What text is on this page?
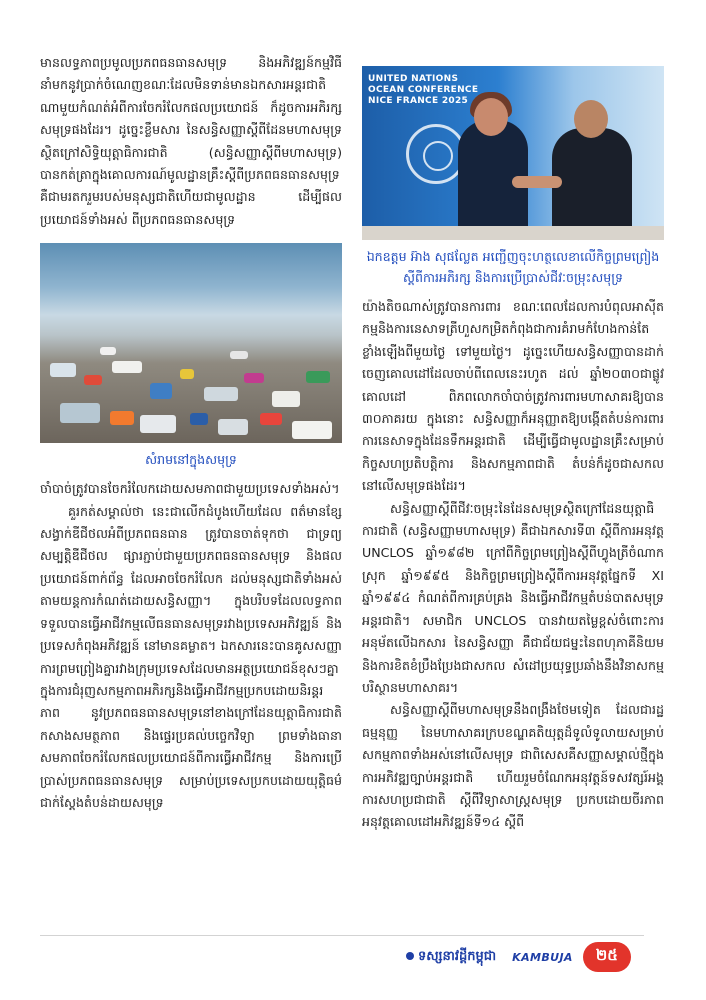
មានលទ្ធភាពប្រមូលប្រភពធនធានសមុទ្រ និងអភិវឌ្ឍន៍កម្មវិធីនាំមកនូវប្រាក់ចំណេញខណៈដែលមិនទាន់មានឯកសារអន្តរជាតិណាមួយកំណត់អំពីការចែករំលែកផលប្រយោជន៍ ក៏ដូចការអភិរក្សសមុទ្រផងដែរ។ ដូច្នេះខ្លឹមសារ នៃសន្ធិសញ្ញាស្តីពីដែនមហាសមុទ្រស្ថិតក្រៅសិទ្ធិយុត្តាធិការជាតិ (សន្ធិសញ្ញាស្តីពីមហាសមុទ្រ) បានកត់ត្រាក្នុងគោលការណ៍មូលដ្ឋានគ្រឹះស្តីពីប្រភពធនធានសមុទ្រ គឺជាមរតករួមរបស់មនុស្សជាតិហើយជាមូលដ្ឋាន ដើម្បីផលប្រយោជន៍ទាំងអស់ ពីប្រភពធនធានសមុទ្រ

សំរាមនៅក្នុងសមុទ្រ

ចាំបាច់ត្រូវបានចែករំលែកដោយសមភាពជាមួយប្រទេសទាំងអស់។

គួរកត់សម្គាល់ថា នេះជាលើកដំបូងហើយដែល ពត៌មានខ្សែសង្វាក់ឌីជីថលអំពីប្រភពធនធាន ត្រូវបានចាត់ទុកថា ជាទ្រព្យសម្បត្តិឌីជីថល ផ្សារភ្ជាប់ជាមួយប្រភពធនធានសមុទ្រ និងផលប្រយោជន៍ពាក់ព័ន្ធ ដែលអាចចែករំលែក ដល់មនុស្សជាតិទាំងអស់តាមយន្តការកំណត់ដោយសន្ធិសញ្ញា។ ក្នុងបរិបទដែលលទ្ធភាពទទួលបានធ្វើអាជីវកម្មលើធនធានសមុទ្ររវាងប្រទេសអភិវឌ្ឍន៍ និងប្រទេសកំពុងអភិវឌ្ឍន៍ នៅមានគម្លាត។ ឯកសារនេះបានគូសសញ្ញាការព្រមព្រៀងគ្នារវាងក្រុមប្រទេសដែលមានអត្ថប្រយោជន៍ខុសៗគ្នាក្នុងការជំរុញសកម្មភាពអភិរក្សនិងធ្វើអាជីវកម្មប្រកបដោយនិរន្តរភាព នូវប្រភពធនធានសមុទ្រនៅខាងក្រៅដែនយុត្តាធិការជាតិ កសាងសមត្ថភាព និងផ្ទេរប្រគល់បច្ចេកវិទ្យា ព្រមទាំងធានាសមភាពចែករំលែកផលប្រយោជន៍ពីការធ្វើអាជីវកម្ម និងការប្រើប្រាស់ប្រភពធនធានសមុទ្រ សម្រាប់ប្រទេសប្រកបដោយយុត្តិធម៌ ជាក់ស្តែងតំបន់ដាយសមុទ្រ

UNITED NATIONS
OCEAN CONFERENCE
NICE FRANCE 2025
ឯកឧត្តម អ៊ាង សុផល្លែត អញ្ជើញចុះហត្ថលេខាលើកិច្ចព្រមព្រៀងស្តីពីការអភិរក្ស និងការប្រើប្រាស់ជីវៈចម្រុះសមុទ្រ

យ៉ាងតិចណាស់ត្រូវបានការពារ ខណៈពេលដែលការបំពុលអាស៊ីតកម្មនិងការនេសាទត្រីហួសកម្រិតកំពុងជាការគំរាមកំហែងកាន់តែខ្លាំងឡើងពីមួយថ្ងៃ ទៅមួយថ្ងៃ។ ដូច្នេះហើយសន្ធិសញ្ញាបានដាក់ចេញគោលដៅដែលចាប់ពីពេលនេះរហូត ដល់ ឆ្នាំ២០៣០ជាផ្លូវគោលដៅ ពិភពលោកចាំបាច់ត្រូវការពារមហាសាគរឱ្យបាន ៣០ភាគរយ ក្នុងនោះ សន្ធិសញ្ញាក៏អនុញ្ញាតឱ្យបង្កើតតំបន់ការពារការនេសាទក្នុងដែនទឹកអន្តរជាតិ ដើម្បីធ្វើជាមូលដ្ឋានគ្រឹះសម្រាប់កិច្ចសហប្រតិបត្តិការ និងសកម្មភាពជាតិ តំបន់ក៏ដូចជាសកលនៅលើសមុទ្រផងដែរ។

សន្ធិសញ្ញាស្តីពីជីវៈចម្រុះនៃដែនសមុទ្រស្ថិតក្រៅដែនយុត្តាធិការជាតិ (សន្ធិសញ្ញាមហាសមុទ្រ) គឺជាឯកសារទី៣ ស្តីពីការអនុវត្ត UNCLOS ឆ្នាំ១៩៨២ ក្រៅពីកិច្ចព្រមព្រៀងស្តីពីហ្វូងត្រីចំណាកស្រុក ឆ្នាំ១៩៩៥ និងកិច្ចព្រមព្រៀងស្តីពីការអនុវត្តផ្នែកទី XI ឆ្នាំ១៩៩៤ កំណត់ពីការគ្រប់គ្រង និងធ្វើអាជីវកម្មតំបន់បាតសមុទ្រអន្តរជាតិ។ សមាជិក UNCLOS បានវាយតម្លៃខ្ពស់ចំពោះការអនុម័តលើឯកសារ នៃសន្ធិសញ្ញា គឺជាជ័យជម្នះនៃពហុភាគីនិយម និងការខិតខំប្រឹងប្រែងជាសកល សំដៅប្រយុទ្ធប្រឆាំងនឹងវិនាសកម្មបរិស្ថានមហាសាគរ។

សន្ធិសញ្ញាស្តីពីមហាសមុទ្រនឹងពង្រឹងថែមទៀត ដែលជារដ្ឋធម្មនុញ្ញ នៃមហាសាគរក្របខណ្ឌគតិយុត្តដ៏ទូលំទូលាយសម្រាប់សកម្មភាពទាំងអស់នៅលើសមុទ្រ ជាពិសេសគឺសញ្ញាសម្គាល់ថ្មីក្នុងការអភិវឌ្ឍច្បាប់អន្តរជាតិ ហើយរួមចំណែកអនុវត្តន៍ទសវត្សរ៍អង្គការសហប្រជាជាតិ ស្តីពីវិទ្យាសាស្ត្រសមុទ្រ ប្រកបដោយចីរភាព អនុវត្តគោលដៅអភិវឌ្ឍន៍ទី១៤ ស្តីពី

ទស្សនាវដ្ដីកម្ពុជា KAMBUJA	២៥
